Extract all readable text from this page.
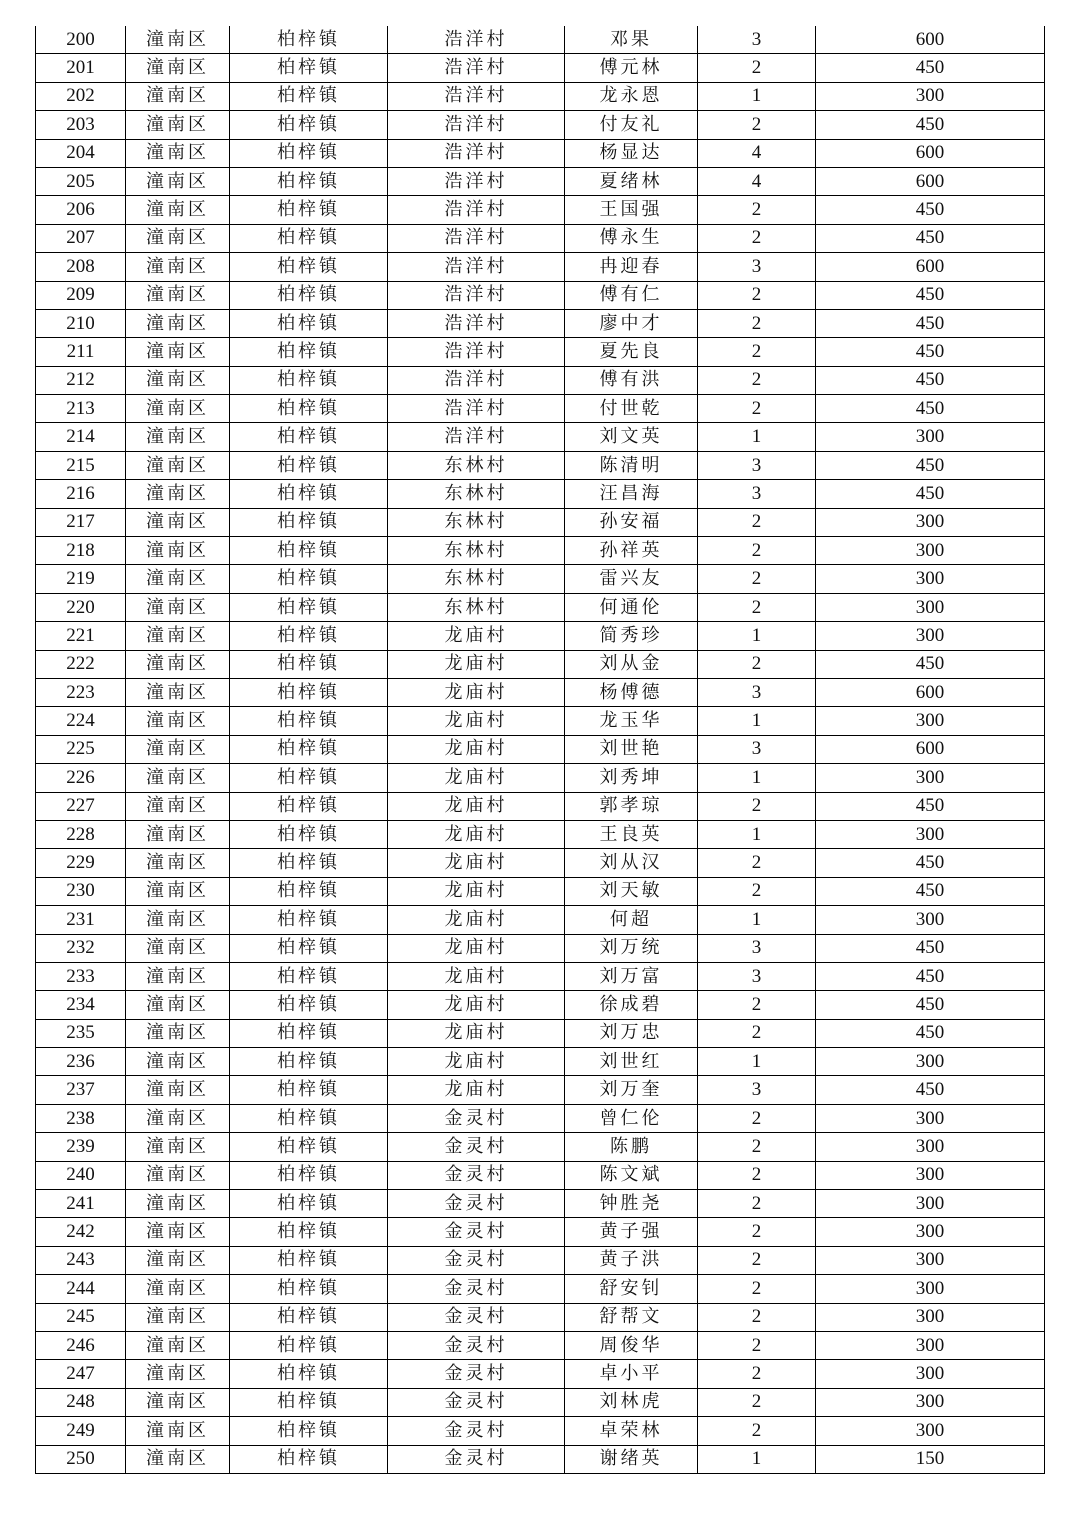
200	潼南区	柏梓镇	浩洋村	邓果	3	600
201	潼南区	柏梓镇	浩洋村	傅元林	2	450
202	潼南区	柏梓镇	浩洋村	龙永恩	1	300
203	潼南区	柏梓镇	浩洋村	付友礼	2	450
204	潼南区	柏梓镇	浩洋村	杨显达	4	600
205	潼南区	柏梓镇	浩洋村	夏绪林	4	600
206	潼南区	柏梓镇	浩洋村	王国强	2	450
207	潼南区	柏梓镇	浩洋村	傅永生	2	450
208	潼南区	柏梓镇	浩洋村	冉迎春	3	600
209	潼南区	柏梓镇	浩洋村	傅有仁	2	450
210	潼南区	柏梓镇	浩洋村	廖中才	2	450
211	潼南区	柏梓镇	浩洋村	夏先良	2	450
212	潼南区	柏梓镇	浩洋村	傅有洪	2	450
213	潼南区	柏梓镇	浩洋村	付世乾	2	450
214	潼南区	柏梓镇	浩洋村	刘文英	1	300
215	潼南区	柏梓镇	东林村	陈清明	3	450
216	潼南区	柏梓镇	东林村	汪昌海	3	450
217	潼南区	柏梓镇	东林村	孙安福	2	300
218	潼南区	柏梓镇	东林村	孙祥英	2	300
219	潼南区	柏梓镇	东林村	雷兴友	2	300
220	潼南区	柏梓镇	东林村	何通伦	2	300
221	潼南区	柏梓镇	龙庙村	简秀珍	1	300
222	潼南区	柏梓镇	龙庙村	刘从金	2	450
223	潼南区	柏梓镇	龙庙村	杨傅德	3	600
224	潼南区	柏梓镇	龙庙村	龙玉华	1	300
225	潼南区	柏梓镇	龙庙村	刘世艳	3	600
226	潼南区	柏梓镇	龙庙村	刘秀坤	1	300
227	潼南区	柏梓镇	龙庙村	郭孝琼	2	450
228	潼南区	柏梓镇	龙庙村	王良英	1	300
229	潼南区	柏梓镇	龙庙村	刘从汉	2	450
230	潼南区	柏梓镇	龙庙村	刘天敏	2	450
231	潼南区	柏梓镇	龙庙村	何超	1	300
232	潼南区	柏梓镇	龙庙村	刘万统	3	450
233	潼南区	柏梓镇	龙庙村	刘万富	3	450
234	潼南区	柏梓镇	龙庙村	徐成碧	2	450
235	潼南区	柏梓镇	龙庙村	刘万忠	2	450
236	潼南区	柏梓镇	龙庙村	刘世红	1	300
237	潼南区	柏梓镇	龙庙村	刘万奎	3	450
238	潼南区	柏梓镇	金灵村	曾仁伦	2	300
239	潼南区	柏梓镇	金灵村	陈鹏	2	300
240	潼南区	柏梓镇	金灵村	陈文斌	2	300
241	潼南区	柏梓镇	金灵村	钟胜尧	2	300
242	潼南区	柏梓镇	金灵村	黄子强	2	300
243	潼南区	柏梓镇	金灵村	黄子洪	2	300
244	潼南区	柏梓镇	金灵村	舒安钊	2	300
245	潼南区	柏梓镇	金灵村	舒帮文	2	300
246	潼南区	柏梓镇	金灵村	周俊华	2	300
247	潼南区	柏梓镇	金灵村	卓小平	2	300
248	潼南区	柏梓镇	金灵村	刘林虎	2	300
249	潼南区	柏梓镇	金灵村	卓荣林	2	300
250	潼南区	柏梓镇	金灵村	谢绪英	1	150
